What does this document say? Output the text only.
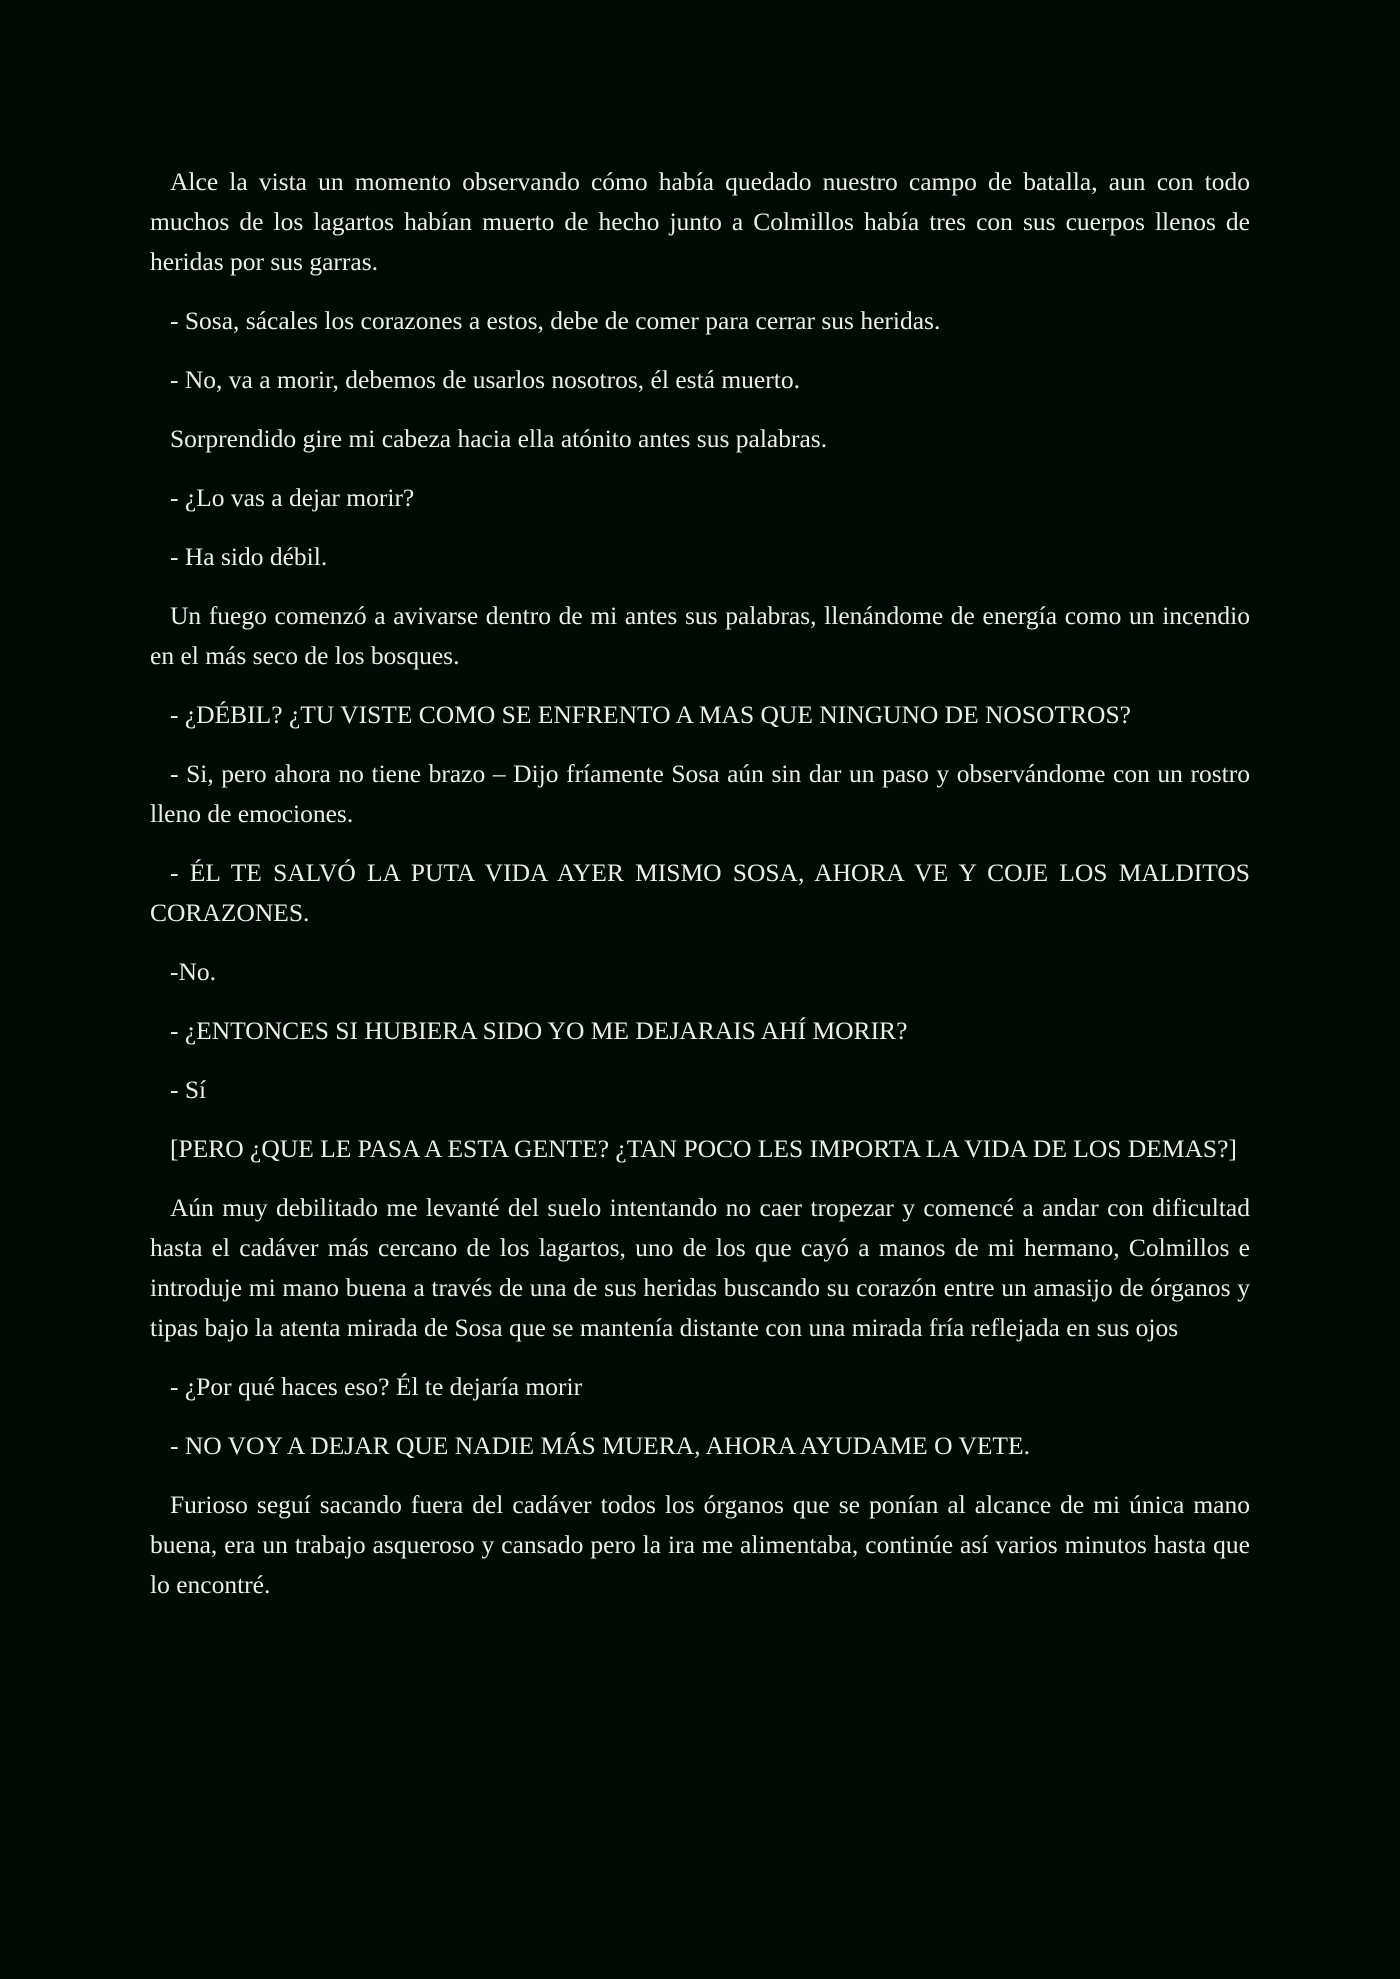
Alce la vista un momento observando cómo había quedado nuestro campo de batalla, aun con todo muchos de los lagartos habían muerto de hecho junto a Colmillos había tres con sus cuerpos llenos de heridas por sus garras.

- Sosa, sácales los corazones a estos, debe de comer para cerrar sus heridas.

- No, va a morir, debemos de usarlos nosotros, él está muerto.

Sorprendido gire mi cabeza hacia ella atónito antes sus palabras.

- ¿Lo vas a dejar morir?

- Ha sido débil.

Un fuego comenzó a avivarse dentro de mi antes sus palabras, llenándome de energía como un incendio en el más seco de los bosques.

- ¿DÉBIL? ¿TU VISTE COMO SE ENFRENTO A MAS QUE NINGUNO DE NOSOTROS?

- Si, pero ahora no tiene brazo – Dijo fríamente Sosa aún sin dar un paso y observándome con un rostro lleno de emociones.

- ÉL TE SALVÓ LA PUTA VIDA AYER MISMO SOSA, AHORA VE Y COJE LOS MALDITOS CORAZONES.

-No.

- ¿ENTONCES SI HUBIERA SIDO YO ME DEJARAIS AHÍ MORIR?

- Sí

[PERO ¿QUE LE PASA A ESTA GENTE? ¿TAN POCO LES IMPORTA LA VIDA DE LOS DEMAS?]

Aún muy debilitado me levanté del suelo intentando no caer tropezar y comencé a andar con dificultad hasta el cadáver más cercano de los lagartos, uno de los que cayó a manos de mi hermano, Colmillos e introduje mi mano buena a través de una de sus heridas buscando su corazón entre un amasijo de órganos y tipas bajo la atenta mirada de Sosa que se mantenía distante con una mirada fría reflejada en sus ojos

- ¿Por qué haces eso? Él te dejaría morir

- NO VOY A DEJAR QUE NADIE MÁS MUERA, AHORA AYUDAME O VETE.

Furioso seguí sacando fuera del cadáver todos los órganos que se ponían al alcance de mi única mano buena, era un trabajo asqueroso y cansado pero la ira me alimentaba, continúe así varios minutos hasta que lo encontré.
